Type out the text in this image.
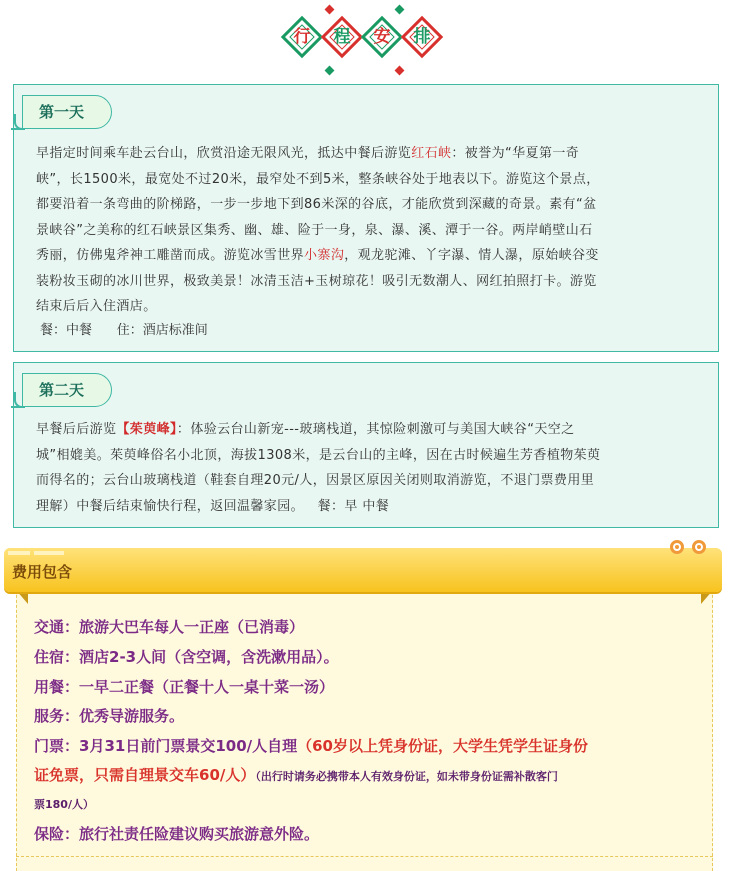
行	程	安	排
第一天
早指定时间乘车赴云台山，欣赏沿途无限风光，抵达中餐后游览红石峡：被誉为“华夏第一奇
峡”，长1500米，最宽处不过20米，最窄处不到5米，整条峡谷处于地表以下。游览这个景点，
都要沿着一条弯曲的阶梯路，一步一步地下到86米深的谷底，才能欣赏到深藏的奇景。素有“盆
景峡谷”之美称的红石峡景区集秀、幽、雄、险于一身，泉、瀑、溪、潭于一谷。两岸峭壁山石
秀丽，仿佛鬼斧神工雕凿而成。游览冰雪世界小寨沟，观龙驼滩、丫字瀑、情人瀑，原始峡谷变
装粉妆玉砌的冰川世界，极致美景！冰清玉洁+玉树琼花！吸引无数潮人、网红拍照打卡。游览
结束后后入住酒店。
餐：中餐      住：酒店标准间
第二天
早餐后后游览【茱萸峰】：体验云台山新宠---玻璃栈道，其惊险刺激可与美国大峡谷“天空之
城”相媲美。茱萸峰俗名小北顶，海拔1308米，是云台山的主峰，因在古时候遍生芳香植物茱萸
而得名的；云台山玻璃栈道（鞋套自理20元/人，因景区原因关闭则取消游览，不退门票费用里
理解）中餐后结束愉快行程，返回温馨家园。   餐：早 中餐
费用包含
交通：旅游大巴车每人一正座（已消毒）
住宿：酒店2-3人间（含空调，含洗漱用品）。
用餐：一早二正餐（正餐十人一桌十菜一汤）
服务：优秀导游服务。
门票：3月31日前门票景交100/人自理（60岁以上凭身份证，大学生凭学生证身份
证免票，只需自理景交车60/人）（出行时请务必携带本人有效身份证，如未带身份证需补散客门
票180/人）
保险：旅行社责任险建议购买旅游意外险。
